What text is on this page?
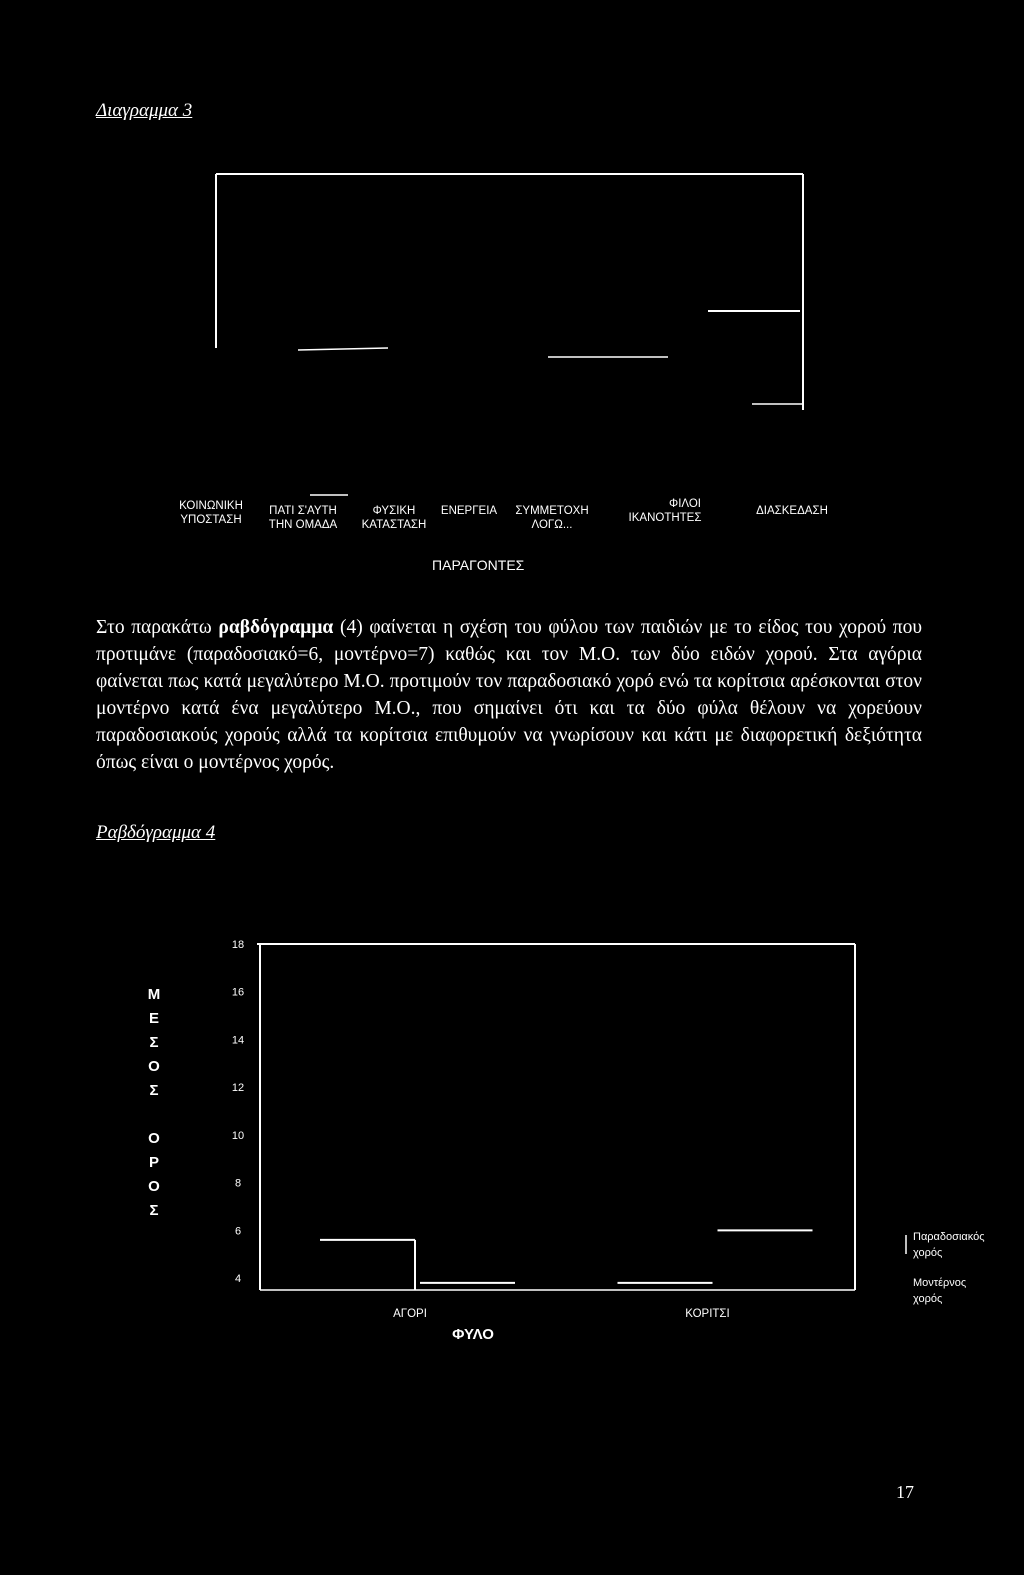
Διαγραμμα 3
ΚΟΙΝΩΝΙΚΗ
ΥΠΟΣΤΑΣΗ
ΠΑΤΙ Σ'ΑΥΤΗ
ΤΗΝ ΟΜΑΔΑ
ΦΥΣΙΚΗ
ΚΑΤΑΣΤΑΣΗ
ΕΝΕΡΓΕΙΑ	ΣΥΜΜΕΤΟΧΗ
ΛΟΓΩ...
ΦΙΛΟΙ
ΙΚΑΝΟΤΗΤΕΣ
ΔΙΑΣΚΕΔΑΣΗ
ΠΑΡΑΓΟΝΤΕΣ
Στο παρακάτω ραβδόγραμμα (4) φαίνεται η σχέση του φύλου των παιδιών με το είδος του χορού που προτιμάνε (παραδοσιακό=6, μοντέρνο=7) καθώς και τον Μ.Ο. των δύο ειδών χορού. Στα αγόρια φαίνεται πως κατά μεγαλύτερο Μ.Ο. προτιμούν τον παραδοσιακό χορό ενώ τα κορίτσια αρέσκονται στον μοντέρνο κατά ένα μεγαλύτερο Μ.Ο., που σημαίνει ότι και τα δύο φύλα θέλουν να χορεύουν παραδοσιακούς χορούς αλλά τα κορίτσια επιθυμούν να γνωρίσουν και κάτι με διαφορετική δεξιότητα όπως είναι ο μοντέρνος χορός.
Ραβδόγραμμα 4
18
16
14
12
10
8
6
4
Μ
Ε
Σ
Ο
Σ
Ο
Ρ
Ο
Σ
ΑΓΟΡΙ	ΚΟΡΙΤΣΙ
Παραδοσιακός
χορός
Μοντέρνος
χορός
ΦΥΛΟ
17
